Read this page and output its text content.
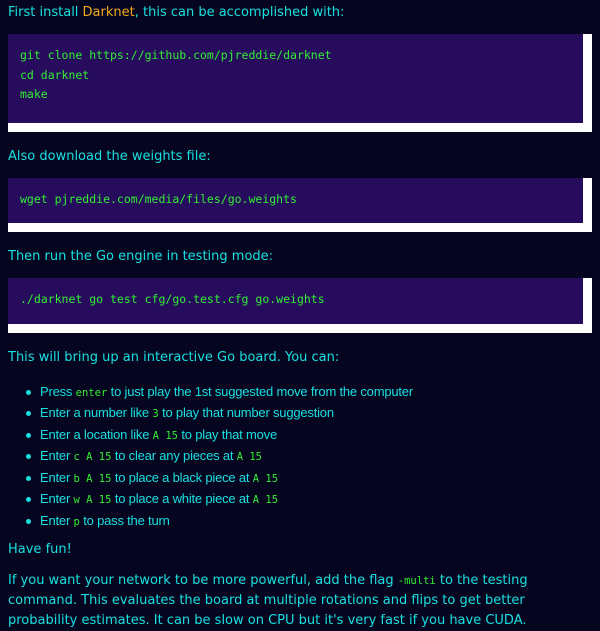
First install Darknet, this can be accomplished with:

git clone https://github.com/pjreddie/darknet
cd darknet
make

Also download the weights file:

wget pjreddie.com/media/files/go.weights

Then run the Go engine in testing mode:

./darknet go test cfg/go.test.cfg go.weights

This will bring up an interactive Go board. You can:

Press enter to just play the 1st suggested move from the computer
Enter a number like 3 to play that number suggestion
Enter a location like A 15 to play that move
Enter c A 15 to clear any pieces at A 15
Enter b A 15 to place a black piece at A 15
Enter w A 15 to place a white piece at A 15
Enter p to pass the turn

Have fun!

If you want your network to be more powerful, add the flag -multi to the testing command. This evaluates the board at multiple rotations and flips to get better probability estimates. It can be slow on CPU but it's very fast if you have CUDA.
